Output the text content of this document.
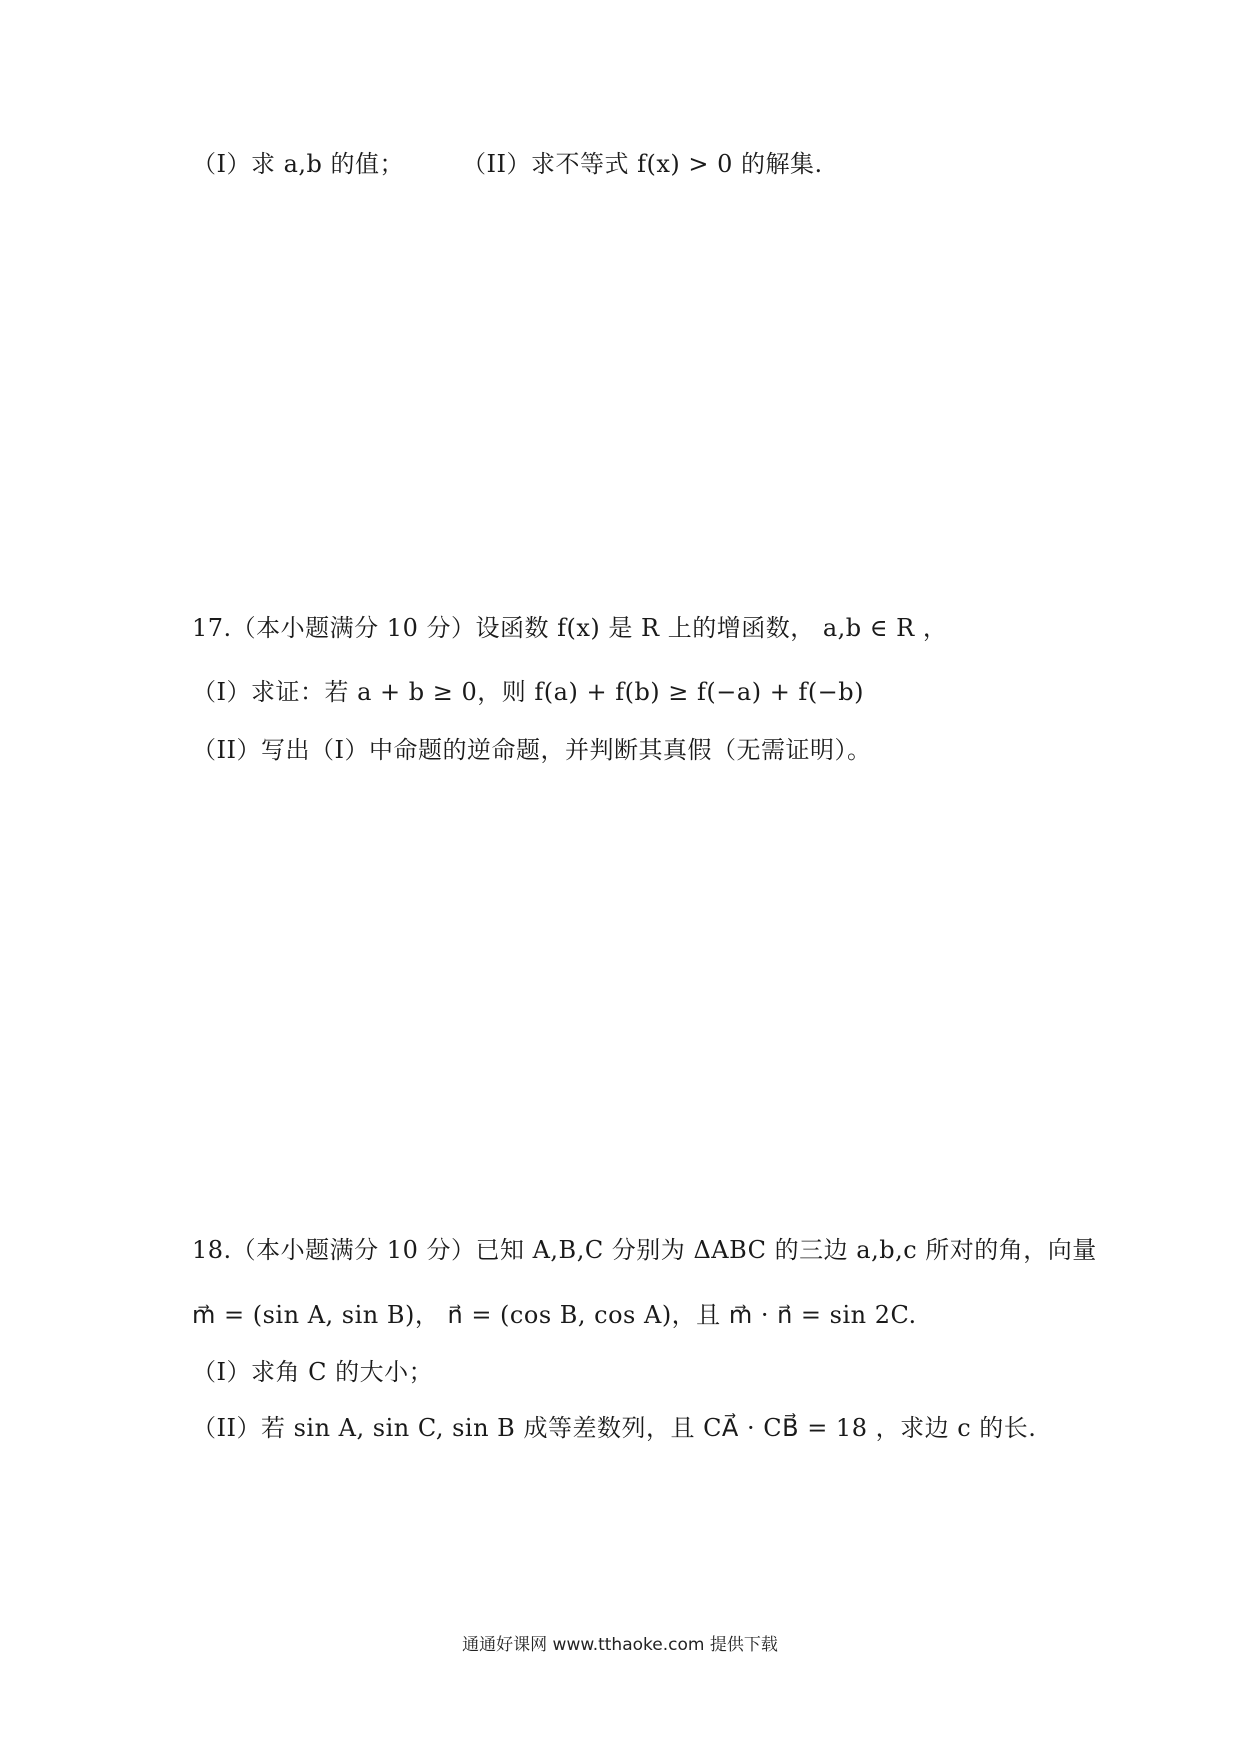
（I）求 a,b 的值； （II）求不等式 f(x) > 0 的解集.
17.（本小题满分 10 分）设函数 f(x) 是 R 上的增函数， a,b ∈ R ，
（I）求证：若 a + b ≥ 0，则 f(a) + f(b) ≥ f(−a) + f(−b)
（II）写出（I）中命题的逆命题，并判断其真假（无需证明）。
18.（本小题满分 10 分）已知 A,B,C 分别为 ΔABC 的三边 a,b,c 所对的角，向量
m⃗ = (sin A, sin B)， n⃗ = (cos B, cos A)，且 m⃗ · n⃗ = sin 2C.
（I）求角 C 的大小；
（II）若 sin A, sin C, sin B 成等差数列，且 CA⃗ · CB⃗ = 18 ，求边 c 的长.
通通好课网 www.tthaoke.com 提供下载
